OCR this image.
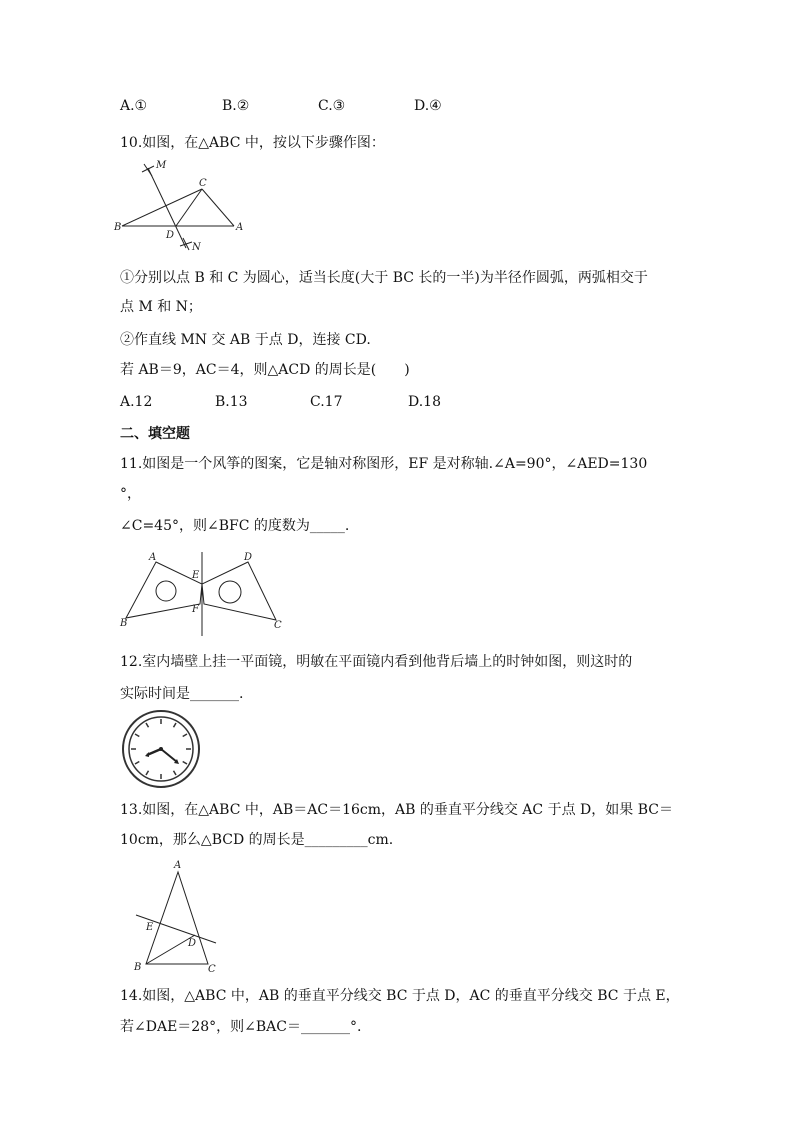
A.①	B.②	C.③	D.④
10.如图，在△ABC 中，按以下步骤作图：
M
C
B
D
A
N
①分别以点 B 和 C 为圆心，适当长度(大于 BC 长的一半)为半径作圆弧，两弧相交于
点 M 和 N；
②作直线 MN 交 AB 于点 D，连接 CD.
若 AB＝9，AC＝4，则△ACD 的周长是(　　)
A.12	B.13	C.17	D.18
二、填空题
11.如图是一个风筝的图案，它是轴对称图形，EF 是对称轴.∠A=90°，∠AED=130
°，
∠C=45°，则∠BFC 的度数为_____.
A
E
D
F
B	C
12.室内墙壁上挂一平面镜，明敏在平面镜内看到他背后墙上的时钟如图，则这时的
实际时间是_______.
13.如图，在△ABC 中，AB＝AC＝16cm，AB 的垂直平分线交 AC 于点 D，如果 BC＝
10cm，那么△BCD 的周长是_________cm.
A
E
D
B	C
14.如图，△ABC 中，AB 的垂直平分线交 BC 于点 D，AC 的垂直平分线交 BC 于点 E，
若∠DAE＝28°，则∠BAC＝_______°.
